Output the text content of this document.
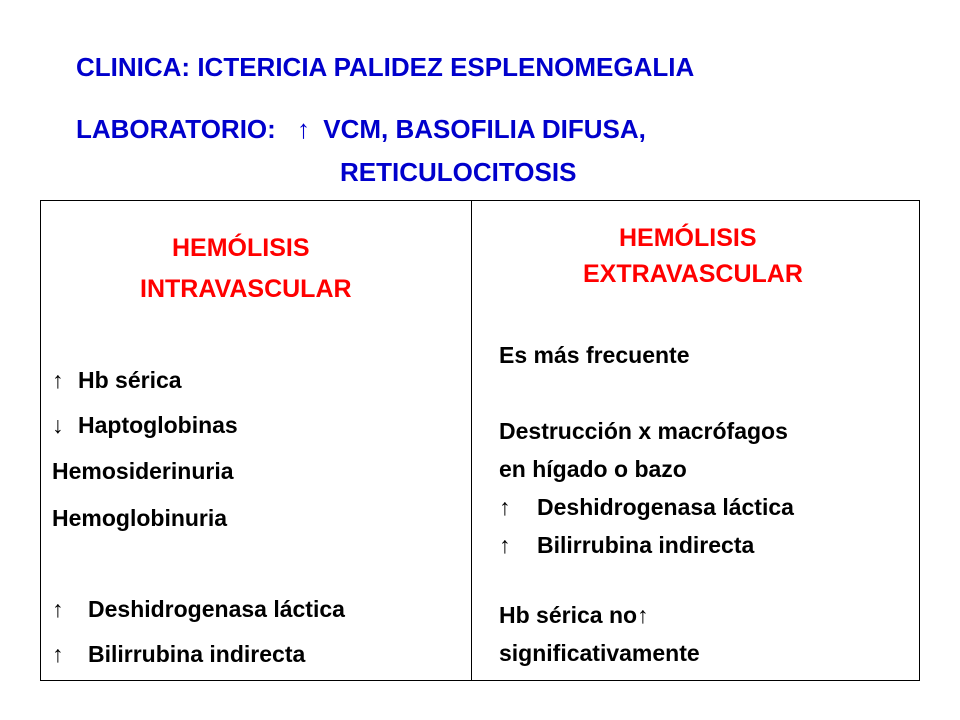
CLINICA: ICTERICIA PALIDEZ ESPLENOMEGALIA
LABORATORIO: ↑ VCM, BASOFILIA DIFUSA,
RETICULOCITOSIS
HEMÓLISIS
INTRAVASCULAR
↑ Hb sérica
↓ Haptoglobinas
Hemosiderinuria
Hemoglobinuria
↑ Deshidrogenasa láctica
↑ Bilirrubina indirecta
HEMÓLISIS
EXTRAVASCULAR
Es más frecuente
Destrucción x macrófagos
en hígado o bazo
↑ Deshidrogenasa láctica
↑ Bilirrubina indirecta
Hb sérica no↑
significativamente
